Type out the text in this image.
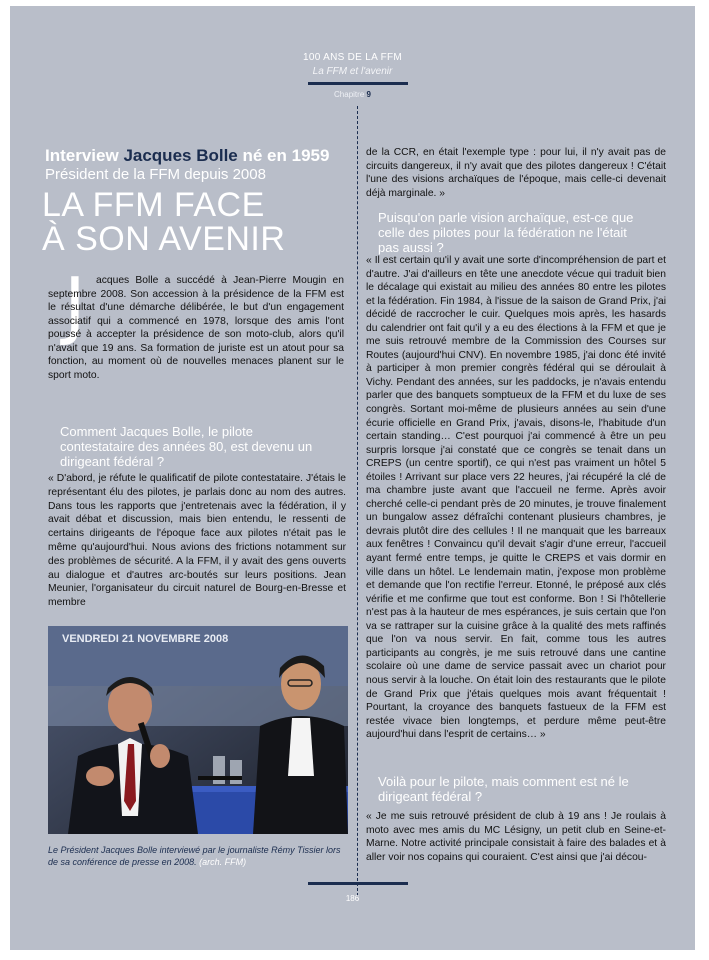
100 ANS DE LA FFM
La FFM et l'avenir
Chapitre 9
Interview Jacques Bolle né en 1959
Président de la FFM depuis 2008
LA FFM FACE
À SON AVENIR
J acques Bolle a succédé à Jean-Pierre Mougin en septembre 2008. Son accession à la présidence de la FFM est le résultat d'une démarche délibérée, le but d'un engagement associatif qui a commencé en 1978, lorsque des amis l'ont poussé à accepter la présidence de son moto-club, alors qu'il n'avait que 19 ans. Sa formation de juriste est un atout pour sa fonction, au moment où de nouvelles menaces planent sur le sport moto.

Comment Jacques Bolle, le pilote contestataire des années 80, est devenu un dirigeant fédéral ?

« D'abord, je réfute le qualificatif de pilote contestataire. J'étais le représentant élu des pilotes, je parlais donc au nom des autres. Dans tous les rapports que j'entretenais avec la fédération, il y avait débat et discussion, mais bien entendu, le ressenti de certains dirigeants de l'époque face aux pilotes n'était pas le même qu'aujourd'hui. Nous avions des frictions notamment sur des problèmes de sécurité. A la FFM, il y avait des gens ouverts au dialogue et d'autres arc-boutés sur leurs positions. Jean Meunier, l'organisateur du circuit naturel de Bourg-en-Bresse et membre

VENDREDI 21 NOVEMBRE 2008
Le Président Jacques Bolle interviewé par le journaliste Rémy Tissier lors de sa conférence de presse en 2008. (arch. FFM)

de la CCR, en était l'exemple type : pour lui, il n'y avait pas de circuits dangereux, il n'y avait que des pilotes dangereux ! C'était l'une des visions archaïques de l'époque, mais celle-ci devenait déjà marginale. »

Puisqu'on parle vision archaïque, est-ce que celle des pilotes pour la fédération ne l'était pas aussi ?

« Il est certain qu'il y avait une sorte d'incompréhension de part et d'autre. J'ai d'ailleurs en tête une anecdote vécue qui traduit bien le décalage qui existait au milieu des années 80 entre les pilotes et la fédération. Fin 1984, à l'issue de la saison de Grand Prix, j'ai décidé de raccrocher le cuir. Quelques mois après, les hasards du calendrier ont fait qu'il y a eu des élections à la FFM et que je me suis retrouvé membre de la Commission des Courses sur Routes (aujourd'hui CNV). En novembre 1985, j'ai donc été invité à participer à mon premier congrès fédéral qui se déroulait à Vichy. Pendant des années, sur les paddocks, je n'avais entendu parler que des banquets somptueux de la FFM et du luxe de ses congrès. Sortant moi-même de plusieurs années au sein d'une écurie officielle en Grand Prix, j'avais, disons-le, l'habitude d'un certain standing… C'est pourquoi j'ai commencé à être un peu surpris lorsque j'ai constaté que ce congrès se tenait dans un CREPS (un centre sportif), ce qui n'est pas vraiment un hôtel 5 étoiles ! Arrivant sur place vers 22 heures, j'ai récupéré la clé de ma chambre juste avant que l'accueil ne ferme. Après avoir cherché celle-ci pendant près de 20 minutes, je trouve finalement un bungalow assez défraîchi contenant plusieurs chambres, je devrais plutôt dire des cellules ! Il ne manquait que les barreaux aux fenêtres ! Convaincu qu'il devait s'agir d'une erreur, l'accueil ayant fermé entre temps, je quitte le CREPS et vais dormir en ville dans un hôtel. Le lendemain matin, j'expose mon problème et demande que l'on rectifie l'erreur. Etonné, le préposé aux clés vérifie et me confirme que tout est conforme. Bon ! Si l'hôtellerie n'est pas à la hauteur de mes espérances, je suis certain que l'on va se rattraper sur la cuisine grâce à la qualité des mets raffinés que l'on va nous servir. En fait, comme tous les autres participants au congrès, je me suis retrouvé dans une cantine scolaire où une dame de service passait avec un chariot pour nous servir à la louche. On était loin des restaurants que le pilote de Grand Prix que j'étais quelques mois avant fréquentait ! Pourtant, la croyance des banquets fastueux de la FFM est restée vivace bien longtemps, et perdure même peut-être aujourd'hui dans l'esprit de certains… »

Voilà pour le pilote, mais comment est né le dirigeant fédéral ?

« Je me suis retrouvé président de club à 19 ans ! Je roulais à moto avec mes amis du MC Lésigny, un petit club en Seine-et-Marne. Notre activité principale consistait à faire des balades et à aller voir nos copains qui couraient. C'est ainsi que j'ai décou-

186
